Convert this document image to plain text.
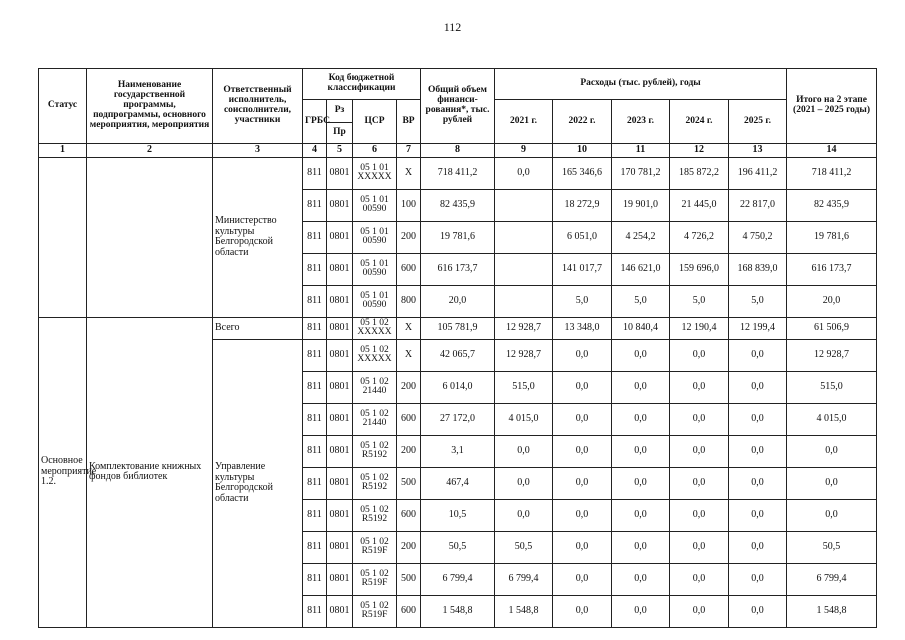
112
Статус	Наименование государственной программы, подпрограммы, основного мероприятия, мероприятия	Ответственный исполнитель, соисполнители, участники	Код бюджетной классификации				Общий объем финанси-рования*, тыс. рублей	Расходы (тыс. рублей), годы					Итого на 2 этапе (2021 – 2025 годы)
			ГРБС	Рз	ЦСР	ВР		2021 г.	2022 г.	2023 г.	2024 г.	2025 г.	
				Пр									
1	2	3	4	5	6	7	8	9	10	11	12	13	14
		Министерство культуры Белгородской области	811	0801	05 1 01 XXXXX	X	718 411,2	0,0	165 346,6	170 781,2	185 872,2	196 411,2	718 411,2
			811	0801	05 1 01 00590	100	82 435,9		18 272,9	19 901,0	21 445,0	22 817,0	82 435,9
			811	0801	05 1 01 00590	200	19 781,6		6 051,0	4 254,2	4 726,2	4 750,2	19 781,6
			811	0801	05 1 01 00590	600	616 173,7		141 017,7	146 621,0	159 696,0	168 839,0	616 173,7
			811	0801	05 1 01 00590	800	20,0		5,0	5,0	5,0	5,0	20,0
Основное мероприятие 1.2.	Комплектование книжных фондов библиотек	Всего	811	0801	05 1 02 XXXXX	X	105 781,9	12 928,7	13 348,0	10 840,4	12 190,4	12 199,4	61 506,9
		Управление культуры Белгородской области	811	0801	05 1 02 XXXXX	X	42 065,7	12 928,7	0,0	0,0	0,0	0,0	12 928,7
			811	0801	05 1 02 21440	200	6 014,0	515,0	0,0	0,0	0,0	0,0	515,0
			811	0801	05 1 02 21440	600	27 172,0	4 015,0	0,0	0,0	0,0	0,0	4 015,0
			811	0801	05 1 02 R5192	200	3,1	0,0	0,0	0,0	0,0	0,0	0,0
			811	0801	05 1 02 R5192	500	467,4	0,0	0,0	0,0	0,0	0,0	0,0
			811	0801	05 1 02 R5192	600	10,5	0,0	0,0	0,0	0,0	0,0	0,0
			811	0801	05 1 02 R519F	200	50,5	50,5	0,0	0,0	0,0	0,0	50,5
			811	0801	05 1 02 R519F	500	6 799,4	6 799,4	0,0	0,0	0,0	0,0	6 799,4
			811	0801	05 1 02 R519F	600	1 548,8	1 548,8	0,0	0,0	0,0	0,0	1 548,8
